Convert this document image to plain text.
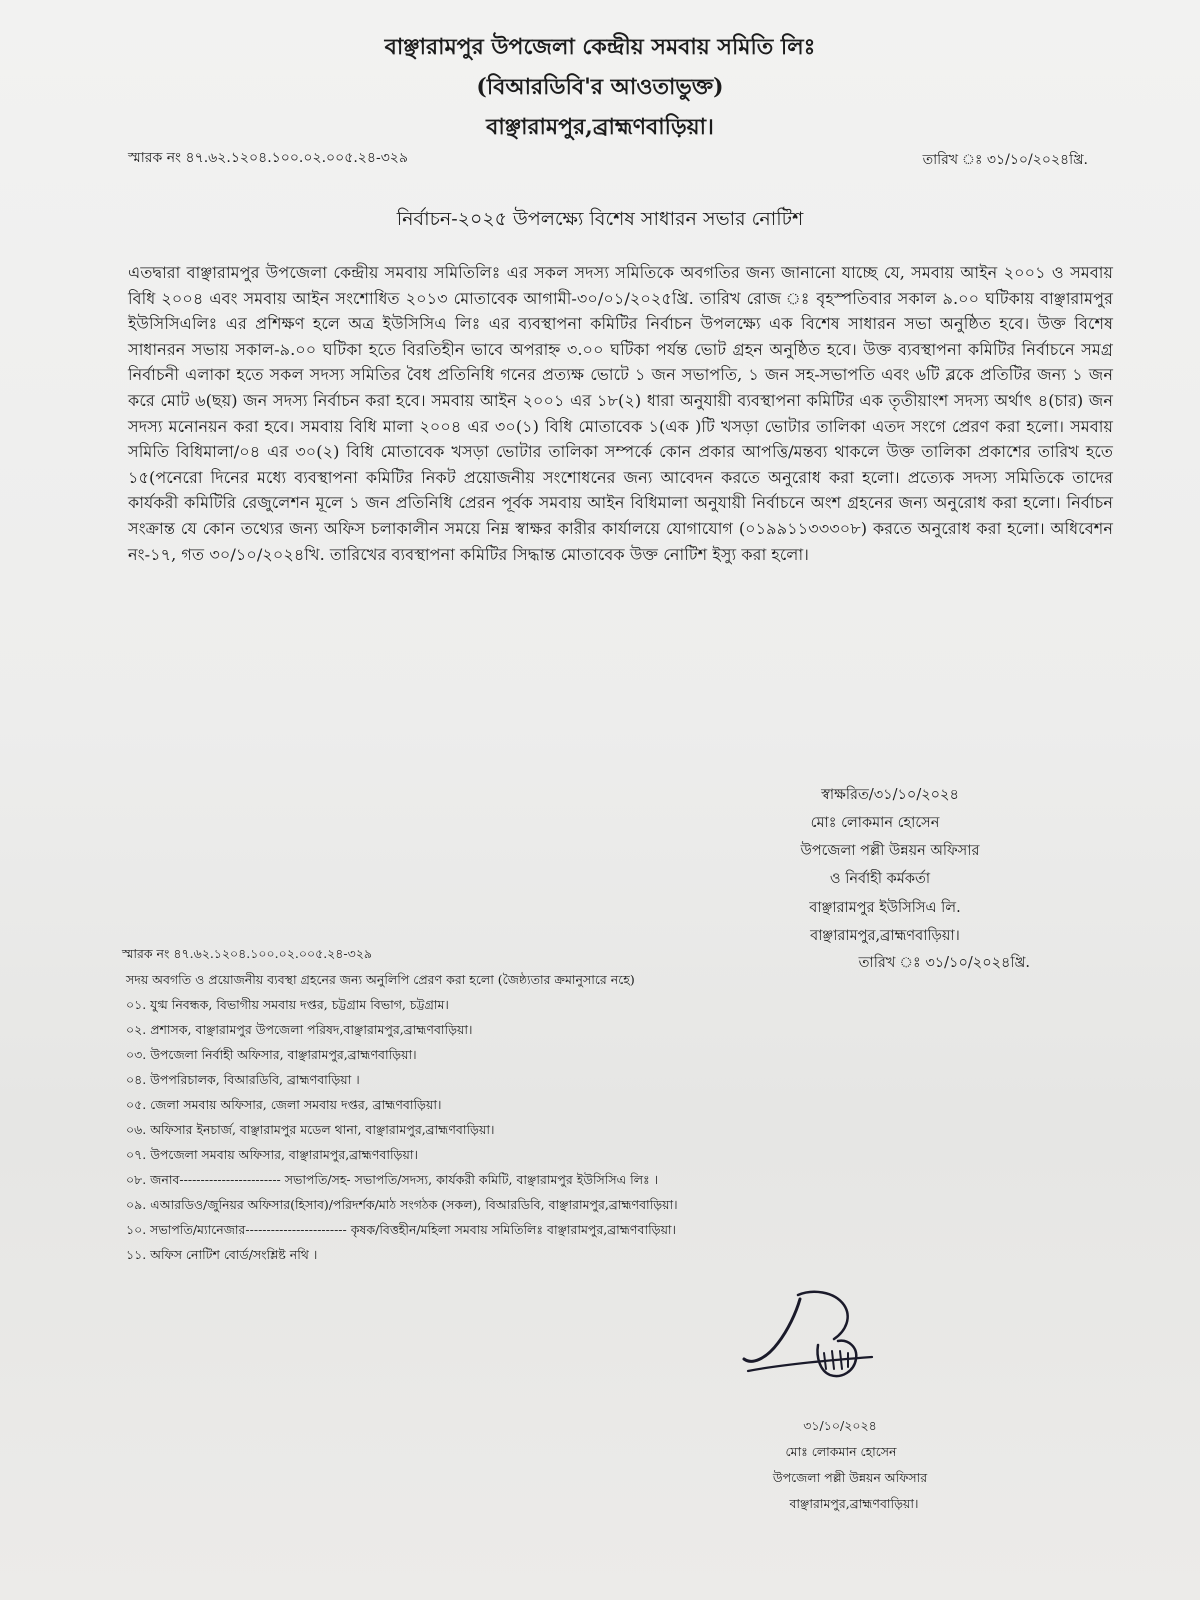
বাঞ্ছারামপুর উপজেলা কেন্দ্রীয় সমবায় সমিতি লিঃ
(বিআরডিবি'র আওতাভুক্ত)
বাঞ্ছারামপুর,ব্রাহ্মণবাড়িয়া।
স্মারক নং ৪৭.৬২.১২০৪.১০০.০২.০০৫.২৪-৩২৯	তারিখ ঃ ৩১/১০/২০২৪খ্রি.
নির্বাচন-২০২৫ উপলক্ষ্যে বিশেষ সাধারন সভার নোটিশ
এতদ্বারা বাঞ্ছারামপুর উপজেলা কেন্দ্রীয় সমবায় সমিতিলিঃ এর সকল সদস্য সমিতিকে অবগতির জন্য জানানো যাচ্ছে যে, সমবায় আইন ২০০১ ও সমবায় বিধি ২০০৪ এবং সমবায় আইন সংশোধিত ২০১৩ মোতাবেক আগামী-৩০/০১/২০২৫খ্রি. তারিখ রোজ ঃ বৃহস্পতিবার সকাল ৯.০০ ঘটিকায় বাঞ্ছারামপুর ইউসিসিএলিঃ এর প্রশিক্ষণ হলে অত্র ইউসিসিএ লিঃ এর ব্যবস্থাপনা কমিটির নির্বাচন উপলক্ষ্যে এক বিশেষ সাধারন সভা অনুষ্ঠিত হবে। উক্ত বিশেষ সাধানরন সভায় সকাল-৯.০০ ঘটিকা হতে বিরতিহীন ভাবে অপরাহ্ন ৩.০০ ঘটিকা পর্যন্ত ভোট গ্রহন অনুষ্ঠিত হবে। উক্ত ব্যবস্থাপনা কমিটির নির্বাচনে সমগ্র নির্বাচনী এলাকা হতে সকল সদস্য সমিতির বৈধ প্রতিনিধি গনের প্রত্যক্ষ ভোটে ১ জন সভাপতি, ১ জন সহ-সভাপতি এবং ৬টি ব্লকে প্রতিটির জন্য ১ জন করে মোট ৬(ছয়) জন সদস্য নির্বাচন করা হবে। সমবায় আইন ২০০১ এর ১৮(২) ধারা অনুযায়ী ব্যবস্থাপনা কমিটির এক তৃতীয়াংশ সদস্য অর্থাৎ ৪(চার) জন সদস্য মনোনয়ন করা হবে। সমবায় বিধি মালা ২০০৪ এর ৩০(১) বিধি মোতাবেক ১(এক )টি খসড়া ভোটার তালিকা এতদ সংগে প্রেরণ করা হলো। সমবায় সমিতি বিধিমালা/০৪ এর ৩০(২) বিধি মোতাবেক খসড়া ভোটার তালিকা সম্পর্কে কোন প্রকার আপত্তি/মন্তব্য থাকলে উক্ত তালিকা প্রকাশের তারিখ হতে ১৫(পনেরো দিনের মধ্যে ব্যবস্থাপনা কমিটির নিকট প্রয়োজনীয় সংশোধনের জন্য আবেদন করতে অনুরোধ করা হলো। প্রত্যেক সদস্য সমিতিকে তাদের কার্যকরী কমিটিরি রেজুলেশন মূলে ১ জন প্রতিনিধি প্রেরন পূর্বক সমবায় আইন বিধিমালা অনুযায়ী নির্বাচনে অংশ গ্রহনের জন্য অনুরোধ করা হলো। নির্বাচন সংক্রান্ত যে কোন তথ্যের জন্য অফিস চলাকালীন সময়ে নিম্ন স্বাক্ষর কারীর কার্যালয়ে যোগাযোগ (০১৯৯১১৩৩৩০৮) করতে অনুরোধ করা হলো। অধিবেশন নং-১৭, গত ৩০/১০/২০২৪খি. তারিখের ব্যবস্থাপনা কমিটির সিদ্ধান্ত মোতাবেক উক্ত নোটিশ ইস্যু করা হলো।
স্বাক্ষরিত/৩১/১০/২০২৪
মোঃ লোকমান হোসেন
উপজেলা পল্লী উন্নয়ন অফিসার
ও নির্বাহী কর্মকর্তা
বাঞ্ছারামপুর ইউসিসিএ লি.
বাঞ্ছারামপুর,ব্রাহ্মণবাড়িয়া।
স্মারক নং ৪৭.৬২.১২০৪.১০০.০২.০০৫.২৪-৩২৯
তারিখ ঃ ৩১/১০/২০২৪খ্রি.
সদয় অবগতি ও প্রয়োজনীয় ব্যবস্থা গ্রহনের জন্য অনুলিপি প্রেরণ করা হলো (জৈষ্ঠ্যতার ক্রমানুসারে নহে)
০১. যুগ্ম নিবন্ধক, বিভাগীয় সমবায় দপ্তর, চট্টগ্রাম বিভাগ, চট্টগ্রাম।
০২. প্রশাসক, বাঞ্ছারামপুর উপজেলা পরিষদ,বাঞ্ছারামপুর,ব্রাহ্মণবাড়িয়া।
০৩. উপজেলা নির্বাহী অফিসার, বাঞ্ছারামপুর,ব্রাহ্মণবাড়িয়া।
০৪. উপপরিচালক, বিআরডিবি, ব্রাহ্মণবাড়িয়া ।
০৫. জেলা সমবায় অফিসার, জেলা সমবায় দপ্তর, ব্রাহ্মণবাড়িয়া।
০৬. অফিসার ইনচার্জ, বাঞ্ছারামপুর মডেল থানা, বাঞ্ছারামপুর,ব্রাহ্মণবাড়িয়া।
০৭. উপজেলা সমবায় অফিসার, বাঞ্ছারামপুর,ব্রাহ্মণবাড়িয়া।
০৮. জনাব------------------------ সভাপতি/সহ- সভাপতি/সদস্য, কার্যকরী কমিটি, বাঞ্ছারামপুর ইউসিসিএ লিঃ ।
০৯. এআরডিও/জুনিয়র অফিসার(হিসাব)/পরিদর্শক/মাঠ সংগঠক (সকল), বিআরডিবি, বাঞ্ছারামপুর,ব্রাহ্মণবাড়িয়া।
১০. সভাপতি/ম্যানেজার------------------------ কৃষক/বিত্তহীন/মহিলা সমবায় সমিতিলিঃ বাঞ্ছারামপুর,ব্রাহ্মণবাড়িয়া।
১১. অফিস নোটিশ বোর্ড/সংশ্লিষ্ট নথি ।
৩১/১০/২০২৪
মোঃ লোকমান হোসেন
উপজেলা পল্লী উন্নয়ন অফিসার
বাঞ্ছারামপুর,ব্রাহ্মণবাড়িয়া।
